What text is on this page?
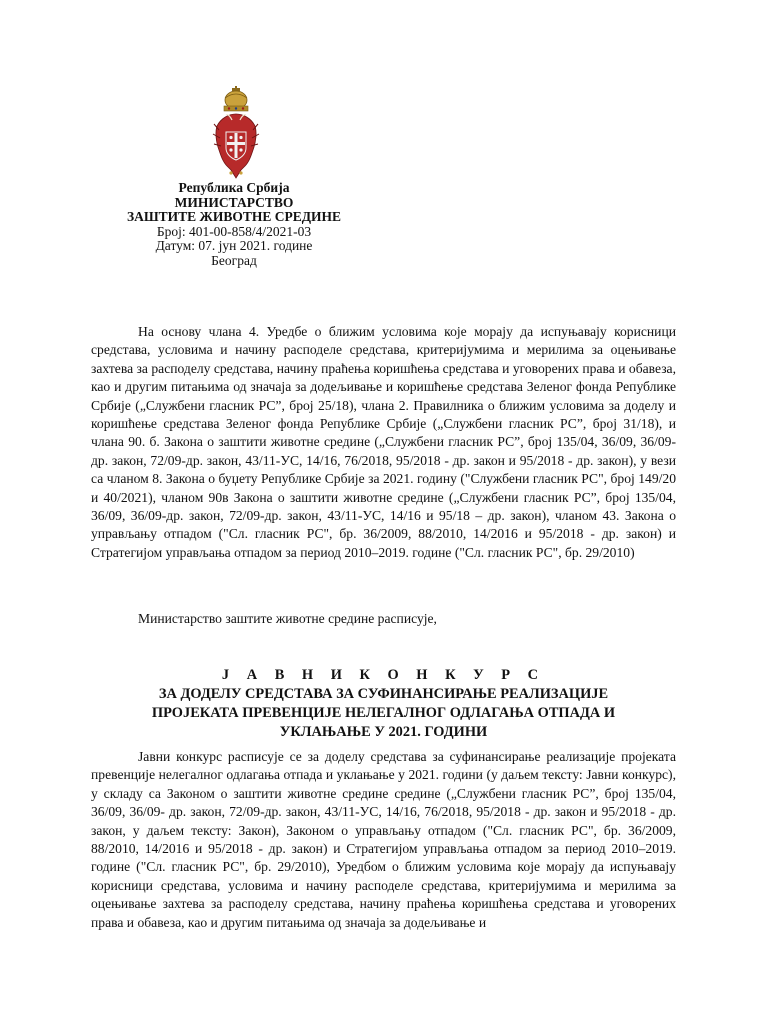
Република Србија
МИНИСТАРСТВО
ЗАШТИТЕ ЖИВОТНЕ СРЕДИНЕ
Број: 401-00-858/4/2021-03
Датум: 07. јун 2021. године
Београд

На основу члана 4. Уредбе о ближим условима које морају да испуњавају корисници средстава, условима и начину расподеле средстава, критеријумима и мерилима за оцењивање захтева за расподелу средстава, начину праћења коришћења средстава и уговорених права и обавеза, као и другим питањима од значаја за додељивање и коришћење средстава Зеленог фонда Републике Србије („Службени гласник РС”, број 25/18), члана 2. Правилника о ближим условима за доделу и коришћење средстава Зеленог фонда Републике Србије („Службени гласник РС”, број 31/18), и члана 90. б. Закона о заштити животне средине („Службени гласник РС”, број 135/04, 36/09, 36/09- др. закон, 72/09-др. закон, 43/11-УС, 14/16, 76/2018, 95/2018 - др. закон и 95/2018 - др. закон), у вези са чланом 8. Закона о буџету Републике Србије за 2021. годину ("Службени гласник РС", број 149/20 и 40/2021), чланом 90в Закона о заштити животне средине („Службени гласник РС”, број 135/04, 36/09, 36/09-др. закон, 72/09-др. закон, 43/11-УС, 14/16 и 95/18 – др. закон), чланом 43. Закона о управљању отпадом ("Сл. гласник РС", бр. 36/2009, 88/2010, 14/2016 и 95/2018 - др. закон) и Стратегијом управљања отпадом за период 2010–2019. године ("Сл. гласник РС", бр. 29/2010)

Министарство заштите животне средине расписује,

Ј А В Н И К О Н К У Р С
ЗА ДОДЕЛУ СРЕДСТАВА ЗА СУФИНАНСИРАЊЕ РЕАЛИЗАЦИЈЕ
ПРОЈЕКАТА ПРЕВЕНЦИЈЕ НЕЛЕГАЛНОГ ОДЛАГАЊА ОТПАДА И
УКЛАЊАЊЕ У 2021. ГОДИНИ

Јавни конкурс расписује се за доделу средстава за суфинансирање реализације пројеката превенције нелегалног одлагања отпада и уклањање у 2021. години (у даљем тексту: Јавни конкурс), у складу са Законом о заштити животне средине средине („Службени гласник РС”, број 135/04, 36/09, 36/09- др. закон, 72/09-др. закон, 43/11-УС, 14/16, 76/2018, 95/2018 - др. закон и 95/2018 - др. закон, у даљем тексту: Закон), Законом о управљању отпадом ("Сл. гласник РС", бр. 36/2009, 88/2010, 14/2016 и 95/2018 - др. закон) и Стратегијом управљања отпадом за период 2010–2019. године ("Сл. гласник РС", бр. 29/2010), Уредбом о ближим условима које морају да испуњавају корисници средстава, условима и начину расподеле средстава, критеријумима и мерилима за оцењивање захтева за расподелу средстава, начину праћења коришћења средстава и уговорених права и обавеза, као и другим питањима од значаја за додељивање и
